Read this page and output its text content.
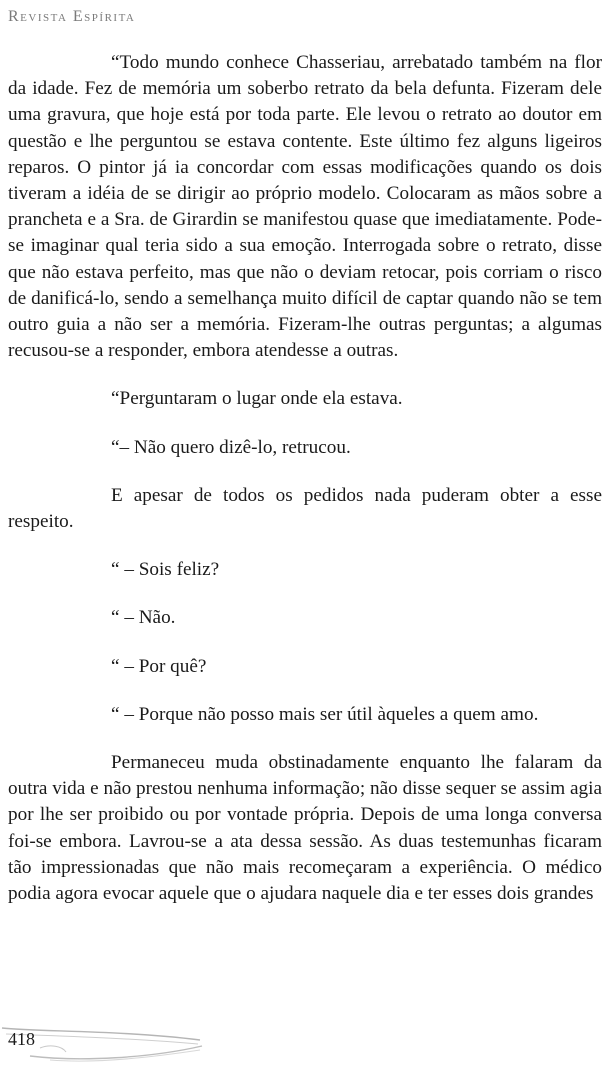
Revista Espírita

“Todo mundo conhece Chasseriau, arrebatado também na flor da idade. Fez de memória um soberbo retrato da bela defunta. Fizeram dele uma gravura, que hoje está por toda parte. Ele levou o retrato ao doutor em questão e lhe perguntou se estava contente. Este último fez alguns ligeiros reparos. O pintor já ia concordar com essas modificações quando os dois tiveram a idéia de se dirigir ao próprio modelo. Colocaram as mãos sobre a prancheta e a Sra. de Girardin se manifestou quase que imediatamente. Pode-se imaginar qual teria sido a sua emoção. Interrogada sobre o retrato, disse que não estava perfeito, mas que não o deviam retocar, pois corriam o risco de danificá-lo, sendo a semelhança muito difícil de captar quando não se tem outro guia a não ser a memória. Fizeram-lhe outras perguntas; a algumas recusou-se a responder, embora atendesse a outras.

“Perguntaram o lugar onde ela estava.

“– Não quero dizê-lo, retrucou.

E apesar de todos os pedidos nada puderam obter a esse respeito.

“ – Sois feliz?

“ – Não.

“ – Por quê?

“ – Porque não posso mais ser útil àqueles a quem amo.

Permaneceu muda obstinadamente enquanto lhe falaram da outra vida e não prestou nenhuma informação; não disse sequer se assim agia por lhe ser proibido ou por vontade própria. Depois de uma longa conversa foi-se embora. Lavrou-se a ata dessa sessão. As duas testemunhas ficaram tão impressionadas que não mais recomeçaram a experiência. O médico podia agora evocar aquele que o ajudara naquele dia e ter esses dois grandes

418
